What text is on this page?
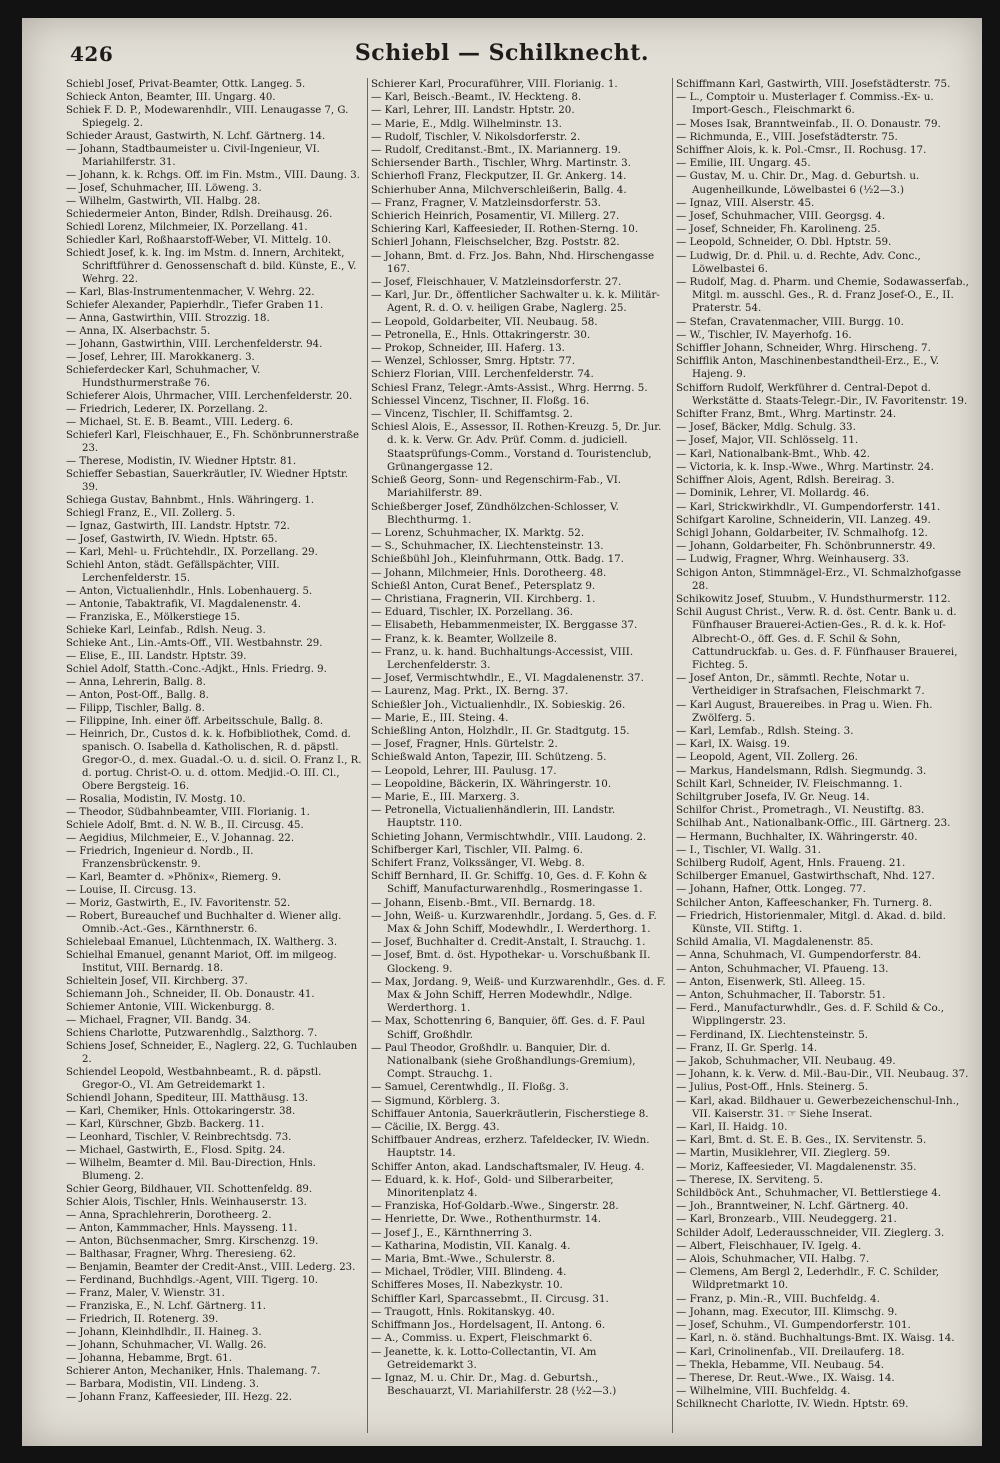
426	Schiebl — Schilknecht.

Schiebl Josef, Privat-Beamter, Ottk. Langeg. 5.

Schieck Anton, Beamter, III. Ungarg. 40.

Schiek F. D. P., Modewarenhdlr., VIII. Lenaugasse 7, G. Spiegelg. 2.

Schieder Araust, Gastwirth, N. Lchf. Gärtnerg. 14.

— Johann, Stadtbaumeister u. Civil-Ingenieur, VI. Mariahilferstr. 31.

— Johann, k. k. Rchgs. Off. im Fin. Mstm., VIII. Daung. 3.

— Josef, Schuhmacher, III. Löweng. 3.

— Wilhelm, Gastwirth, VII. Halbg. 28.

Schiedermeier Anton, Binder, Rdlsh. Dreihausg. 26.

Schiedl Lorenz, Milchmeier, IX. Porzellang. 41.

Schiedler Karl, Roßhaarstoff-Weber, VI. Mittelg. 10.

Schiedt Josef, k. k. Ing. im Mstm. d. Innern, Architekt, Schriftführer d. Genossenschaft d. bild. Künste, E., V. Wehrg. 22.

— Karl, Blas-Instrumentenmacher, V. Wehrg. 22.

Schiefer Alexander, Papierhdlr., Tiefer Graben 11.

— Anna, Gastwirthin, VIII. Strozzig. 18.

— Anna, IX. Alserbachstr. 5.

— Johann, Gastwirthin, VIII. Lerchenfelderstr. 94.

— Josef, Lehrer, III. Marokkanerg. 3.

Schieferdecker Karl, Schuhmacher, V. Hundsthurmerstraße 76.

Schieferer Alois, Uhrmacher, VIII. Lerchenfelderstr. 20.

— Friedrich, Lederer, IX. Porzellang. 2.

— Michael, St. E. B. Beamt., VIII. Lederg. 6.

Schieferl Karl, Fleischhauer, E., Fh. Schönbrunnerstraße 23.

— Therese, Modistin, IV. Wiedner Hptstr. 81.

Schieffer Sebastian, Sauerkräutler, IV. Wiedner Hptstr. 39.

Schiega Gustav, Bahnbmt., Hnls. Währingerg. 1.

Schiegl Franz, E., VII. Zollerg. 5.

— Ignaz, Gastwirth, III. Landstr. Hptstr. 72.

— Josef, Gastwirth, IV. Wiedn. Hptstr. 65.

— Karl, Mehl- u. Früchtehdlr., IX. Porzellang. 29.

Schiehl Anton, städt. Gefällspächter, VIII. Lerchenfelderstr. 15.

— Anton, Victualienhdlr., Hnls. Lobenhauerg. 5.

— Antonie, Tabaktrafik, VI. Magdalenenstr. 4.

— Franziska, E., Mölkerstiege 15.

Schieke Karl, Leinfab., Rdlsh. Neug. 3.

Schieke Ant., Lin.-Amts-Off., VII. Westbahnstr. 29.

— Elise, E., III. Landstr. Hptstr. 39.

Schiel Adolf, Statth.-Conc.-Adjkt., Hnls. Friedrg. 9.

— Anna, Lehrerin, Ballg. 8.

— Anton, Post-Off., Ballg. 8.

— Filipp, Tischler, Ballg. 8.

— Filippine, Inh. einer öff. Arbeitsschule, Ballg. 8.

— Heinrich, Dr., Custos d. k. k. Hofbibliothek, Comd. d. spanisch. O. Isabella d. Katholischen, R. d. päpstl. Gregor-O., d. mex. Guadal.-O. u. d. sicil. O. Franz I., R. d. portug. Christ-O. u. d. ottom. Medjid.-O. III. Cl., Obere Bergsteig. 16.

— Rosalia, Modistin, IV. Mostg. 10.

— Theodor, Südbahnbeamter, VIII. Florianig. 1.

Schiele Adolf, Bmt. d. N. W. B., II. Circusg. 45.

— Aegidius, Milchmeier, E., V. Johannag. 22.

— Friedrich, Ingenieur d. Nordb., II. Franzensbrückenstr. 9.

— Karl, Beamter d. »Phönix«, Riemerg. 9.

— Louise, II. Circusg. 13.

— Moriz, Gastwirth, E., IV. Favoritenstr. 52.

— Robert, Bureauchef und Buchhalter d. Wiener allg. Omnib.-Act.-Ges., Kärnthnerstr. 6.

Schielebaal Emanuel, Lüchtenmach, IX. Waltherg. 3.

Schielhal Emanuel, genannt Mariot, Off. im milgeog. Institut, VIII. Bernardg. 18.

Schieltein Josef, VII. Kirchberg. 37.

Schiemann Joh., Schneider, II. Ob. Donaustr. 41.

Schiemer Antonie, VIII. Wickenburgg. 8.

— Michael, Fragner, VII. Bandg. 34.

Schiens Charlotte, Putzwarenhdlg., Salzthorg. 7.

Schiens Josef, Schneider, E., Naglerg. 22, G. Tuchlauben 2.

Schiendel Leopold, Westbahnbeamt., R. d. päpstl. Gregor-O., VI. Am Getreidemarkt 1.

Schiendl Johann, Spediteur, III. Matthäusg. 13.

— Karl, Chemiker, Hnls. Ottokaringerstr. 38.

— Karl, Kürschner, Gbzb. Backerg. 11.

— Leonhard, Tischler, V. Reinbrechtsdg. 73.

— Michael, Gastwirth, E., Flosd. Spitg. 24.

— Wilhelm, Beamter d. Mil. Bau-Direction, Hnls. Blumeng. 2.

Schier Georg, Bildhauer, VII. Schottenfeldg. 89.

Schier Alois, Tischler, Hnls. Weinhauserstr. 13.

— Anna, Sprachlehrerin, Dorotheerg. 2.

— Anton, Kammmacher, Hnls. Maysseng. 11.

— Anton, Büchsenmacher, Smrg. Kirschenzg. 19.

— Balthasar, Fragner, Whrg. Theresieng. 62.

— Benjamin, Beamter der Credit-Anst., VIII. Lederg. 23.

— Ferdinand, Buchhdlgs.-Agent, VIII. Tigerg. 10.

— Franz, Maler, V. Wienstr. 31.

— Franziska, E., N. Lchf. Gärtnerg. 11.

— Friedrich, II. Rotenerg. 39.

— Johann, Kleinhdlhdlr., II. Haineg. 3.

— Johann, Schuhmacher, VI. Wallg. 26.

— Johanna, Hebamme, Brgt. 61.

Schierer Anton, Mechaniker, Hnls. Thalemang. 7.

— Barbara, Modistin, VII. Lindeng. 3.

— Johann Franz, Kaffeesieder, III. Hezg. 22.

Schierer Karl, Procuraführer, VIII. Florianig. 1.

— Karl, Beisch.-Beamt., IV. Heckteng. 8.

— Karl, Lehrer, III. Landstr. Hptstr. 20.

— Marie, E., Mdlg. Wilhelminstr. 13.

— Rudolf, Tischler, V. Nikolsdorferstr. 2.

— Rudolf, Creditanst.-Bmt., IX. Mariannerg. 19.

Schiersender Barth., Tischler, Whrg. Martinstr. 3.

Schierhofl Franz, Fleckputzer, II. Gr. Ankerg. 14.

Schierhuber Anna, Milchverschleißerin, Ballg. 4.

— Franz, Fragner, V. Matzleinsdorferstr. 53.

Schierich Heinrich, Posamentir, VI. Millerg. 27.

Schiering Karl, Kaffeesieder, II. Rothen-Sterng. 10.

Schierl Johann, Fleischselcher, Bzg. Poststr. 82.

— Johann, Bmt. d. Frz. Jos. Bahn, Nhd. Hirschengasse 167.

— Josef, Fleischhauer, V. Matzleinsdorferstr. 27.

— Karl, Jur. Dr., öffentlicher Sachwalter u. k. k. Militär-Agent, R. d. O. v. heiligen Grabe, Naglerg. 25.

— Leopold, Goldarbeiter, VII. Neubaug. 58.

— Petronella, E., Hnls. Ottakringerstr. 30.

— Prokop, Schneider, III. Haferg. 13.

— Wenzel, Schlosser, Smrg. Hptstr. 77.

Schierz Florian, VIII. Lerchenfelderstr. 74.

Schiesl Franz, Telegr.-Amts-Assist., Whrg. Herrng. 5.

Schiessel Vincenz, Tischner, II. Floßg. 16.

— Vincenz, Tischler, II. Schiffamtsg. 2.

Schiesl Alois, E., Assessor, II. Rothen-Kreuzg. 5, Dr. Jur. d. k. k. Verw. Gr. Adv. Prüf. Comm. d. judiciell. Staatsprüfungs-Comm., Vorstand d. Touristenclub, Grünangergasse 12.

Schieß Georg, Sonn- und Regenschirm-Fab., VI. Mariahilferstr. 89.

Schießberger Josef, Zündhölzchen-Schlosser, V. Blechthurmg. 1.

— Lorenz, Schuhmacher, IX. Marktg. 52.

— S., Schuhmacher, IX. Liechtensteinstr. 13.

Schießbühl Joh., Kleinfuhrmann, Ottk. Badg. 17.

— Johann, Milchmeier, Hnls. Dorotheerg. 48.

Schießl Anton, Curat Benef., Petersplatz 9.

— Christiana, Fragnerin, VII. Kirchberg. 1.

— Eduard, Tischler, IX. Porzellang. 36.

— Elisabeth, Hebammenmeister, IX. Berggasse 37.

— Franz, k. k. Beamter, Wollzeile 8.

— Franz, u. k. hand. Buchhaltungs-Accessist, VIII. Lerchenfelderstr. 3.

— Josef, Vermischtwhdlr., E., VI. Magdalenenstr. 37.

— Laurenz, Mag. Prkt., IX. Berng. 37.

Schießler Joh., Victualienhdlr., IX. Sobieskig. 26.

— Marie, E., III. Steing. 4.

Schießling Anton, Holzhdlr., II. Gr. Stadtgutg. 15.

— Josef, Fragner, Hnls. Gürtelstr. 2.

Schießwald Anton, Tapezir, III. Schützeng. 5.

— Leopold, Lehrer, III. Paulusg. 17.

— Leopoldine, Bäckerin, IX. Währingerstr. 10.

— Marie, E., III. Marxerg. 3.

— Petronella, Victualienhändlerin, III. Landstr. Hauptstr. 110.

Schieting Johann, Vermischtwhdlr., VIII. Laudong. 2.

Schifberger Karl, Tischler, VII. Palmg. 6.

Schifert Franz, Volkssänger, VI. Webg. 8.

Schiff Bernhard, II. Gr. Schiffg. 10, Ges. d. F. Kohn & Schiff, Manufacturwarenhdlg., Rosmeringasse 1.

— Johann, Eisenb.-Bmt., VII. Bernardg. 18.

— John, Weiß- u. Kurzwarenhdlr., Jordang. 5, Ges. d. F. Max & John Schiff, Modewhdlr., I. Werderthorg. 1.

— Josef, Buchhalter d. Credit-Anstalt, I. Strauchg. 1.

— Josef, Bmt. d. öst. Hypothekar- u. Vorschußbank II. Glockeng. 9.

— Max, Jordang. 9, Weiß- und Kurzwarenhdlr., Ges. d. F. Max & John Schiff, Herren Modewhdlr., Ndlge. Werderthorg. 1.

— Max, Schottenring 6, Banquier, öff. Ges. d. F. Paul Schiff, Großhdlr.

— Paul Theodor, Großhdlr. u. Banquier, Dir. d. Nationalbank (siehe Großhandlungs-Gremium), Compt. Strauchg. 1.

— Samuel, Cerentwhdlg., II. Floßg. 3.

— Sigmund, Körblerg. 3.

Schiffauer Antonia, Sauerkräutlerin, Fischerstiege 8.

— Cäcilie, IX. Bergg. 43.

Schiffbauer Andreas, erzherz. Tafeldecker, IV. Wiedn. Hauptstr. 14.

Schiffer Anton, akad. Landschaftsmaler, IV. Heug. 4.

— Eduard, k. k. Hof-, Gold- und Silberarbeiter, Minoritenplatz 4.

— Franziska, Hof-Goldarb.-Wwe., Singerstr. 28.

— Henriette, Dr. Wwe., Rothenthurmstr. 14.

— Josef J., E., Kärnthnerring 3.

— Katharina, Modistin, VII. Kanalg. 4.

— Maria, Bmt.-Wwe., Schulerstr. 8.

— Michael, Trödler, VIII. Blindeng. 4.

Schifferes Moses, II. Nabezkystr. 10.

Schiffler Karl, Sparcassebmt., II. Circusg. 31.

— Traugott, Hnls. Rokitanskyg. 40.

Schiffmann Jos., Hordelsagent, II. Antong. 6.

— A., Commiss. u. Expert, Fleischmarkt 6.

— Jeanette, k. k. Lotto-Collectantin, VI. Am Getreidemarkt 3.

— Ignaz, M. u. Chir. Dr., Mag. d. Geburtsh., Beschauarzt, VI. Mariahilferstr. 28 (½2—3.)

Schiffmann Karl, Gastwirth, VIII. Josefstädterstr. 75.

— L., Comptoir u. Musterlager f. Commiss.-Ex- u. Import-Gesch., Fleischmarkt 6.

— Moses Isak, Branntweinfab., II. O. Donaustr. 79.

— Richmunda, E., VIII. Josefstädterstr. 75.

Schiffner Alois, k. k. Pol.-Cmsr., II. Rochusg. 17.

— Emilie, III. Ungarg. 45.

— Gustav, M. u. Chir. Dr., Mag. d. Geburtsh. u. Augenheilkunde, Löwelbastei 6 (½2—3.)

— Ignaz, VIII. Alserstr. 45.

— Josef, Schuhmacher, VIII. Georgsg. 4.

— Josef, Schneider, Fh. Karolineng. 25.

— Leopold, Schneider, O. Dbl. Hptstr. 59.

— Ludwig, Dr. d. Phil. u. d. Rechte, Adv. Conc., Löwelbastei 6.

— Rudolf, Mag. d. Pharm. und Chemie, Sodawasserfab., Mitgl. m. ausschl. Ges., R. d. Franz Josef-O., E., II. Praterstr. 54.

— Stefan, Cravatenmacher, VIII. Burgg. 10.

— W., Tischler, IV. Mayerhofg. 16.

Schiffler Johann, Schneider, Whrg. Hirscheng. 7.

Schifflik Anton, Maschinenbestandtheil-Erz., E., V. Hajeng. 9.

Schifforn Rudolf, Werkführer d. Central-Depot d. Werkstätte d. Staats-Telegr.-Dir., IV. Favoritenstr. 19.

Schifter Franz, Bmt., Whrg. Martinstr. 24.

— Josef, Bäcker, Mdlg. Schulg. 33.

— Josef, Major, VII. Schlösselg. 11.

— Karl, Nationalbank-Bmt., Whb. 42.

— Victoria, k. k. Insp.-Wwe., Whrg. Martinstr. 24.

Schiffner Alois, Agent, Rdlsh. Bereirag. 3.

— Dominik, Lehrer, VI. Mollardg. 46.

— Karl, Strickwirkhdlr., VI. Gumpendorferstr. 141.

Schifgart Karoline, Schneiderin, VII. Lanzeg. 49.

Schigl Johann, Goldarbeiter, IV. Schmalhofg. 12.

— Johann, Goldarbeiter, Fh. Schönbrunnerstr. 49.

— Ludwig, Fragner, Whrg. Weinhauserg. 33.

Schigon Anton, Stimmnägel-Erz., VI. Schmalzhofgasse 28.

Schikowitz Josef, Stuubm., V. Hundsthurmerstr. 112.

Schil August Christ., Verw. R. d. öst. Centr. Bank u. d. Fünfhauser Brauerei-Actien-Ges., R. d. k. k. Hof-Albrecht-O., öff. Ges. d. F. Schil & Sohn, Cattundruckfab. u. Ges. d. F. Fünfhauser Brauerei, Fichteg. 5.

— Josef Anton, Dr., sämmtl. Rechte, Notar u. Vertheidiger in Strafsachen, Fleischmarkt 7.

— Karl August, Brauereibes. in Prag u. Wien. Fh. Zwölferg. 5.

— Karl, Lemfab., Rdlsh. Steing. 3.

— Karl, IX. Waisg. 19.

— Leopold, Agent, VII. Zollerg. 26.

— Markus, Handelsmann, Rdlsh. Siegmundg. 3.

Schilt Karl, Schneider, IV. Fleischmanng. 1.

Schiltgruber Josefa, IV. Gr. Neug. 14.

Schilfor Christ., Prometragh., VI. Neustiftg. 83.

Schilhab Ant., Nationalbank-Offic., III. Gärtnerg. 23.

— Hermann, Buchhalter, IX. Währingerstr. 40.

— I., Tischler, VI. Wallg. 31.

Schilberg Rudolf, Agent, Hnls. Fraueng. 21.

Schilberger Emanuel, Gastwirthschaft, Nhd. 127.

— Johann, Hafner, Ottk. Longeg. 77.

Schilcher Anton, Kaffeeschanker, Fh. Turnerg. 8.

— Friedrich, Historienmaler, Mitgl. d. Akad. d. bild. Künste, VII. Stiftg. 1.

Schild Amalia, VI. Magdalenenstr. 85.

— Anna, Schuhmach, VI. Gumpendorferstr. 84.

— Anton, Schuhmacher, VI. Pfaueng. 13.

— Anton, Eisenwerk, Stl. Alleeg. 15.

— Anton, Schuhmacher, II. Taborstr. 51.

— Ferd., Manufacturwhdlr., Ges. d. F. Schild & Co., Wipplingerstr. 23.

— Ferdinand, IX. Liechtensteinstr. 5.

— Franz, II. Gr. Sperlg. 14.

— Jakob, Schuhmacher, VII. Neubaug. 49.

— Johann, k. k. Verw. d. Mil.-Bau-Dir., VII. Neubaug. 37.

— Julius, Post-Off., Hnls. Steinerg. 5.

— Karl, akad. Bildhauer u. Gewerbezeichenschul-Inh., VII. Kaiserstr. 31. ☞ Siehe Inserat.

— Karl, II. Haidg. 10.

— Karl, Bmt. d. St. E. B. Ges., IX. Servitenstr. 5.

— Martin, Musiklehrer, VII. Zieglerg. 59.

— Moriz, Kaffeesieder, VI. Magdalenenstr. 35.

— Therese, IX. Serviteng. 5.

Schildböck Ant., Schuhmacher, VI. Bettlerstiege 4.

— Joh., Branntweiner, N. Lchf. Gärtnerg. 40.

— Karl, Bronzearb., VIII. Neudeggerg. 21.

Schilder Adolf, Lederausschneider, VII. Zieglerg. 3.

— Albert, Fleischhauer, IV. Igelg. 4.

— Alois, Schuhmacher, VII. Halbg. 7.

— Clemens, Am Bergl 2, Lederhdlr., F. C. Schilder, Wildpretmarkt 10.

— Franz, p. Min.-R., VIII. Buchfeldg. 4.

— Johann, mag. Executor, III. Klimschg. 9.

— Josef, Schuhm., VI. Gumpendorferstr. 101.

— Karl, n. ö. ständ. Buchhaltungs-Bmt. IX. Waisg. 14.

— Karl, Crinolinenfab., VII. Dreilauferg. 18.

— Thekla, Hebamme, VII. Neubaug. 54.

— Therese, Dr. Reut.-Wwe., IX. Waisg. 14.

— Wilhelmine, VIII. Buchfeldg. 4.

Schilknecht Charlotte, IV. Wiedn. Hptstr. 69.
